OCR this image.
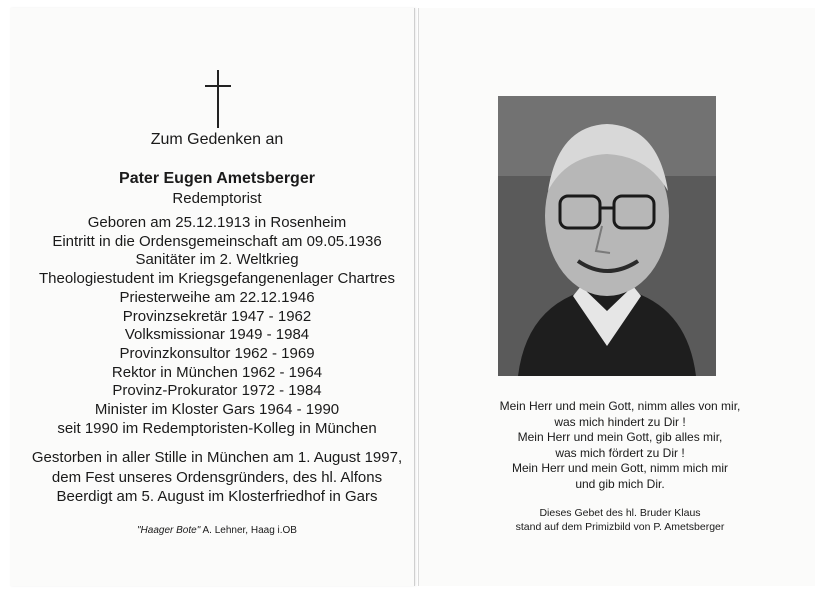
Zum Gedenken an
Pater Eugen Ametsberger
Redemptorist
Geboren am 25.12.1913 in Rosenheim
Eintritt in die Ordensgemeinschaft am 09.05.1936
Sanitäter im 2. Weltkrieg
Theologiestudent im Kriegsgefangenenlager Chartres
Priesterweihe am 22.12.1946
Provinzsekretär 1947 - 1962
Volksmissionar 1949 - 1984
Provinzkonsultor 1962 - 1969
Rektor in München 1962 - 1964
Provinz-Prokurator 1972 - 1984
Minister im Kloster Gars 1964 - 1990
seit 1990 im Redemptoristen-Kolleg in München
Gestorben in aller Stille in München am 1. August 1997,
dem Fest unseres Ordensgründers, des hl. Alfons
Beerdigt am 5. August im Klosterfriedhof in Gars
"Haager Bote" A. Lehner, Haag i.OB
Mein Herr und mein Gott, nimm alles von mir,
was mich hindert zu Dir !
Mein Herr und mein Gott, gib alles mir,
was mich fördert zu Dir !
Mein Herr und mein Gott, nimm mich mir
und gib mich Dir.
Dieses Gebet des hl. Bruder Klaus
stand auf dem Primizbild von P. Ametsberger
